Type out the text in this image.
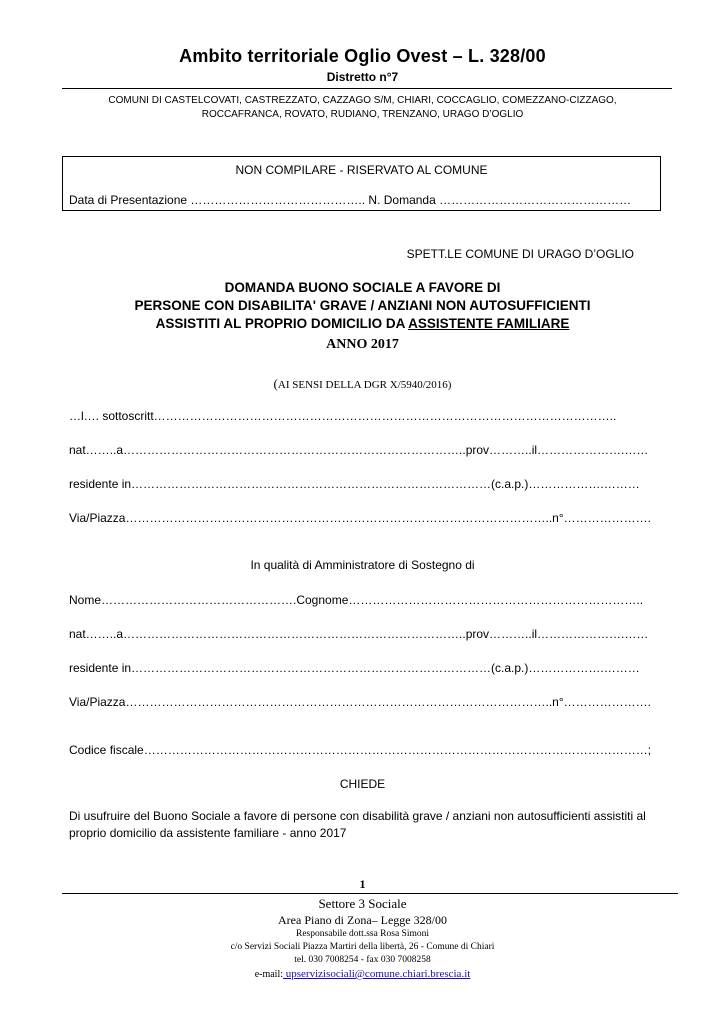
Ambito territoriale Oglio Ovest – L. 328/00
Distretto n°7
COMUNI DI CASTELCOVATI, CASTREZZATO, CAZZAGO S/M, CHIARI, COCCAGLIO, COMEZZANO-CIZZAGO,
ROCCAFRANCA, ROVATO, RUDIANO, TRENZANO, URAGO D’OGLIO
NON COMPILARE - RISERVATO AL COMUNE
Data di Presentazione …………………………………….. N. Domanda …………………………………………
SPETT.LE COMUNE DI URAGO D’OGLIO
DOMANDA BUONO SOCIALE A FAVORE DI
PERSONE CON DISABILITA' GRAVE / ANZIANI NON AUTOSUFFICIENTI
ASSISTITI AL PROPRIO DOMICILIO DA ASSISTENTE FAMILIARE
ANNO 2017
(AI SENSI DELLA DGR X/5940/2016)
…l…. sottoscritt……………………………………………………………………………………………………..
nat……..a…………………………………………………………………………..prov………..il………………….……
residente in………………………………………………………………………………(c.a.p.)……………….………
Via/Piazza……………………………………………………………………………………………..n°………………….
In qualità di Amministratore di Sostegno di
Nome………………………………………….Cognome………………………………………………………………..
nat……..a…………………………………………………………………………..prov………..il………………….……
residente in………………………………………………………………………………(c.a.p.)……………….………
Via/Piazza……………………………………………………………………………………………..n°………………….
Codice fiscale………………………………………………………………………………………………………………;
CHIEDE
Di usufruire del Buono Sociale a favore di persone con disabilità grave / anziani non autosufficienti assistiti al proprio domicilio da assistente familiare - anno 2017
1
Settore 3 Sociale
Area Piano di Zona– Legge 328/00
Responsabile dott.ssa Rosa Simoni
c/o Servizi Sociali Piazza Martiri della libertà, 26 - Comune di Chiari
tel. 030 7008254 - fax 030 7008258
e-mail: upservizisociali@comune.chiari.brescia.it
